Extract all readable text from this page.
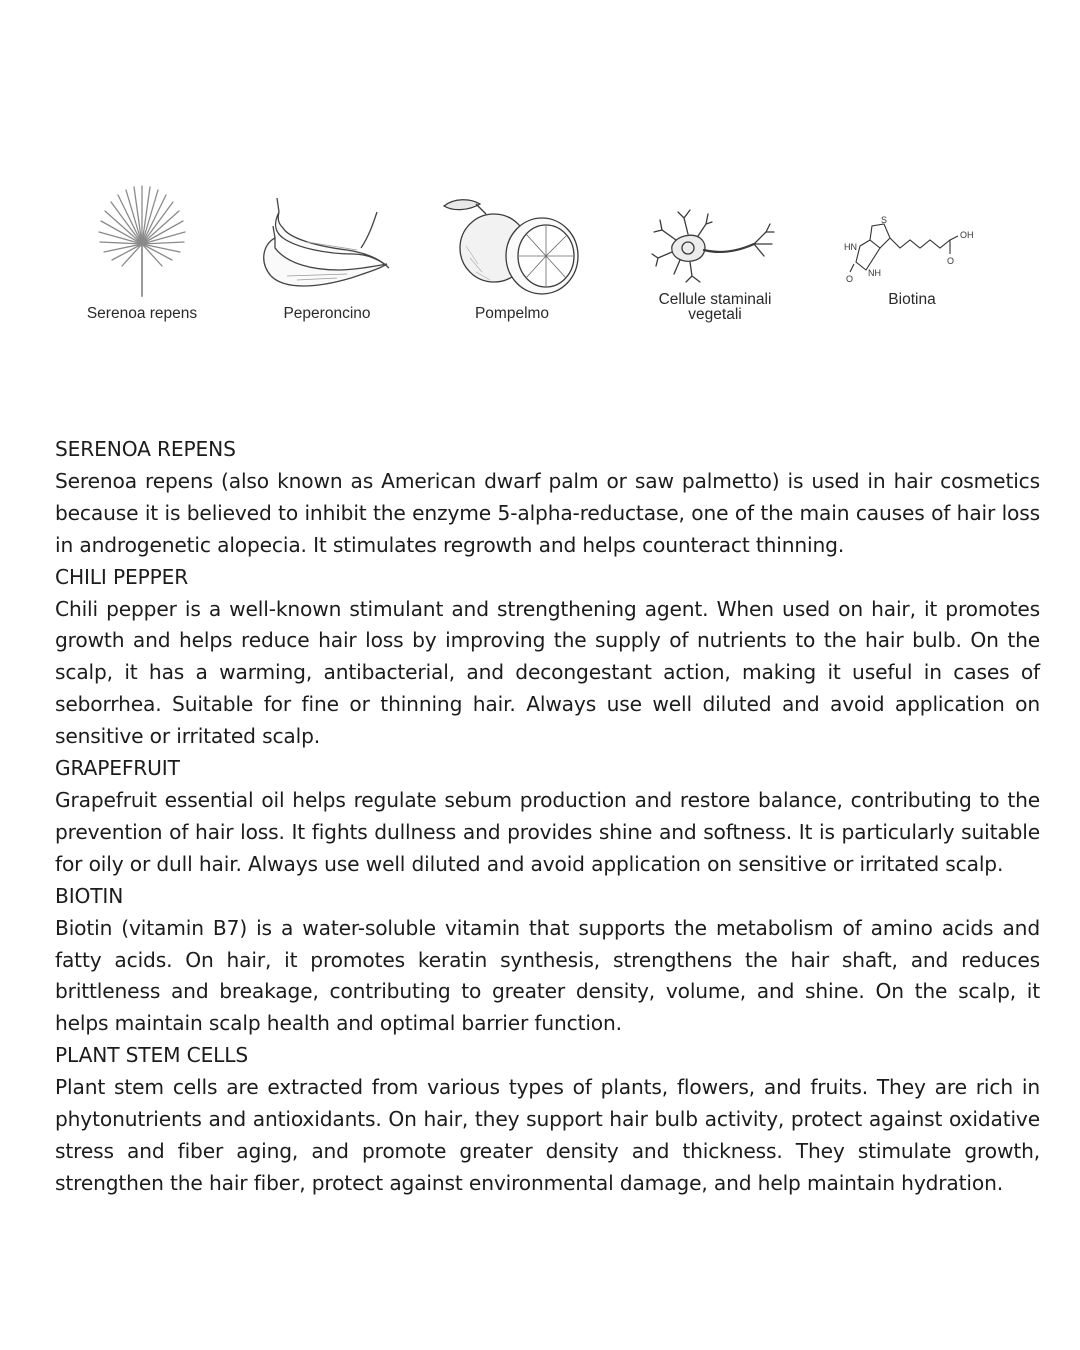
Serenoa repens	Peperoncino	Pompelmo
Cellule staminali
vegetali
S
HN
NH
O
OH
O
Biotina
SERENOA REPENS
Serenoa repens (also known as American dwarf palm or saw palmetto) is used in hair cosmetics because it is believed to inhibit the enzyme 5-alpha-reductase, one of the main causes of hair loss in androgenetic alopecia. It stimulates regrowth and helps counteract thinning.
CHILI PEPPER
Chili pepper is a well-known stimulant and strengthening agent. When used on hair, it promotes growth and helps reduce hair loss by improving the supply of nutrients to the hair bulb. On the scalp, it has a warming, antibacterial, and decongestant action, making it useful in cases of seborrhea. Suitable for fine or thinning hair. Always use well diluted and avoid application on sensitive or irritated scalp.
GRAPEFRUIT
Grapefruit essential oil helps regulate sebum production and restore balance, contributing to the prevention of hair loss. It fights dullness and provides shine and softness. It is particularly suitable for oily or dull hair. Always use well diluted and avoid application on sensitive or irritated scalp.
BIOTIN
Biotin (vitamin B7) is a water-soluble vitamin that supports the metabolism of amino acids and fatty acids. On hair, it promotes keratin synthesis, strengthens the hair shaft, and reduces brittleness and breakage, contributing to greater density, volume, and shine. On the scalp, it helps maintain scalp health and optimal barrier function.
PLANT STEM CELLS
Plant stem cells are extracted from various types of plants, flowers, and fruits. They are rich in phytonutrients and antioxidants. On hair, they support hair bulb activity, protect against oxidative stress and fiber aging, and promote greater density and thickness. They stimulate growth, strengthen the hair fiber, protect against environmental damage, and help maintain hydration.
